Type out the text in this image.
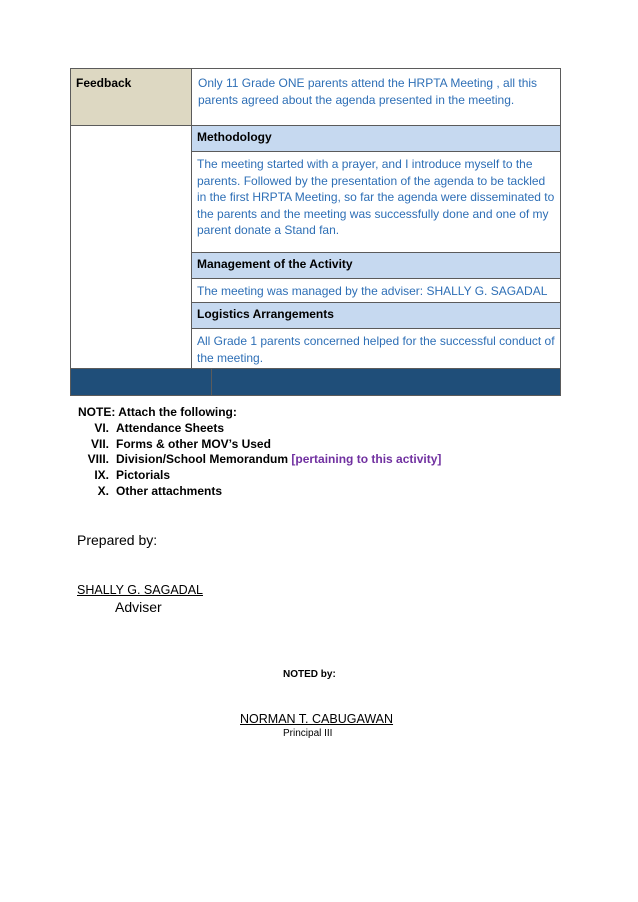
Feedback	Only 11 Grade ONE parents attend the HRPTA Meeting , all this parents agreed about the agenda presented in the meeting.	
	Methodology	
	The meeting started with a prayer, and I introduce myself to the parents. Followed by the presentation of the agenda to be tackled in the first HRPTA Meeting, so far the agenda were disseminated to the parents and the meeting was successfully done and one of my parent donate a Stand fan.	
	Management of the Activity	
	The meeting was managed by the adviser: SHALLY G. SAGADAL	
	Logistics Arrangements	
	All Grade 1 parents concerned helped for the successful conduct of the meeting.	

NOTE: Attach the following:
VI. Attendance Sheets
VII. Forms & other MOV’s Used
VIII. Division/School Memorandum
[pertaining to this activity]
IX. Pictorials
X. Other attachments
Prepared by:
SHALLY G. SAGADAL
Adviser
NOTED by:
NORMAN T. CABUGAWAN
Principal III
